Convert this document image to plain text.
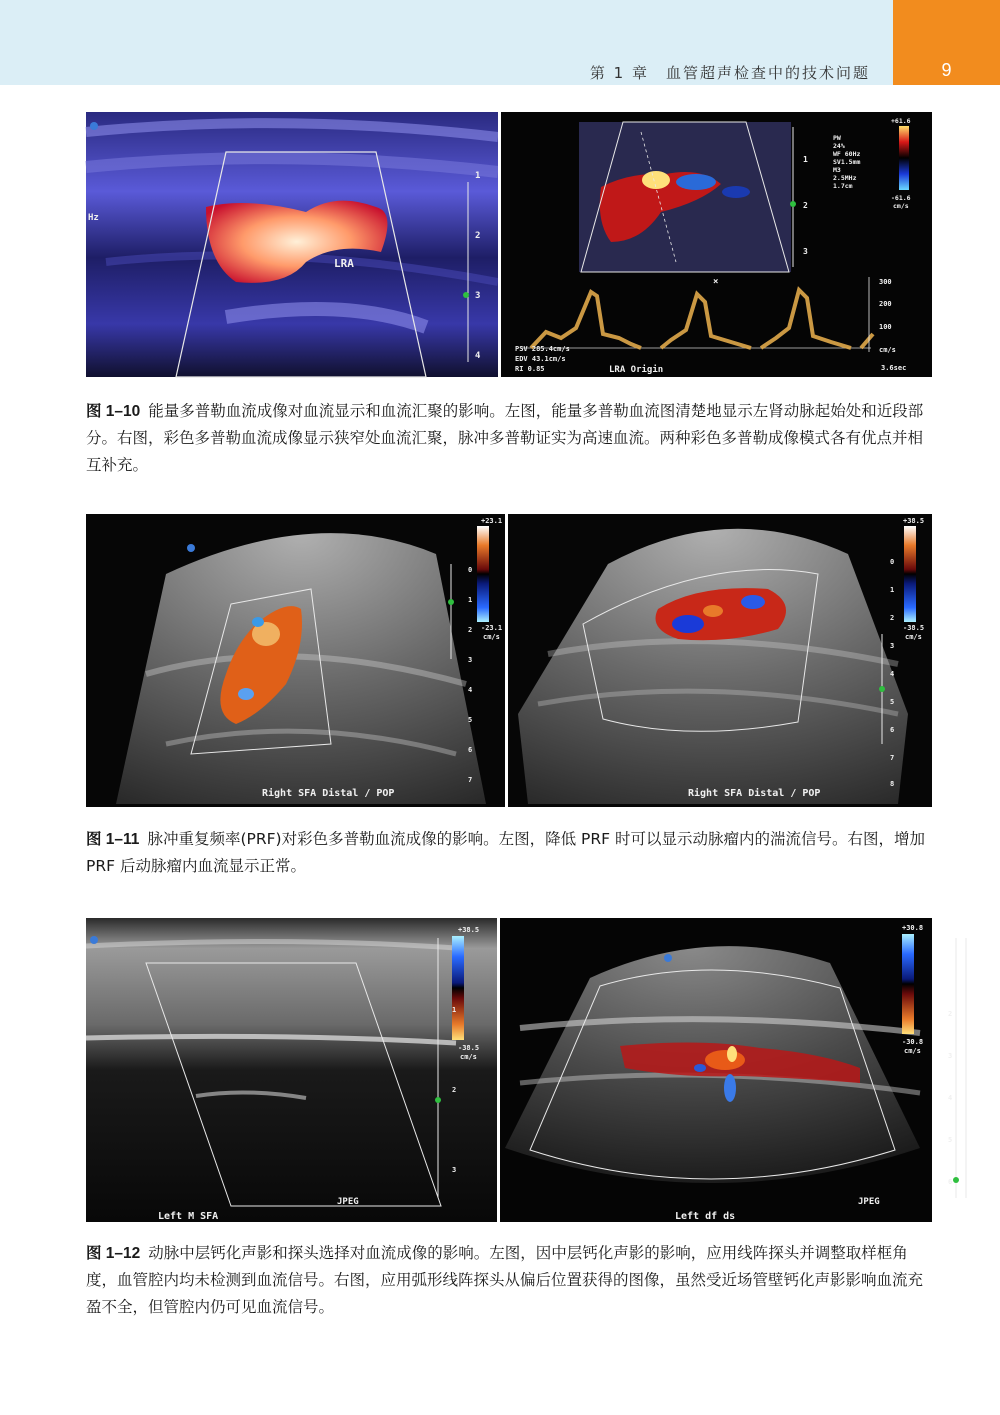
第 1 章　血管超声检查中的技术问题	9
LRA
Hz
1
2
3
4
1
2
3
PW
24%
WF 60Hz
SV1.5mm
M3
2.5MHz
1.7cm
+61.6
-61.6
cm/s
×	300
200
100
cm/s
PSV 285.4cm/s
EDV 43.1cm/s
RI 0.85	LRA Origin	3.6sec
图 1–10 能量多普勒血流成像对血流显示和血流汇聚的影响。左图，能量多普勒血流图清楚地显示左肾动脉起始处和近段部分。右图，彩色多普勒血流成像显示狭窄处血流汇聚，脉冲多普勒证实为高速血流。两种彩色多普勒成像模式各有优点并相互补充。
+23.1
-23.1
cm/s
0
1
2
3
4
5
6
7
Right SFA Distal / POP
+38.5
-38.5
cm/s
0
1
2
3
4
5
6
7
8
Right SFA Distal / POP
图 1–11 脉冲重复频率(PRF)对彩色多普勒血流成像的影响。左图，降低 PRF 时可以显示动脉瘤内的湍流信号。右图，增加 PRF 后动脉瘤内血流显示正常。
+38.5
-38.5
cm/s
1
2
3
JPEG
Left M SFA
+30.8
-30.8
cm/s
2
3
4
5
6
JPEG
Left df ds
图 1–12 动脉中层钙化声影和探头选择对血流成像的影响。左图，因中层钙化声影的影响，应用线阵探头并调整取样框角度，血管腔内均未检测到血流信号。右图，应用弧形线阵探头从偏后位置获得的图像，虽然受近场管壁钙化声影影响血流充盈不全，但管腔内仍可见血流信号。
